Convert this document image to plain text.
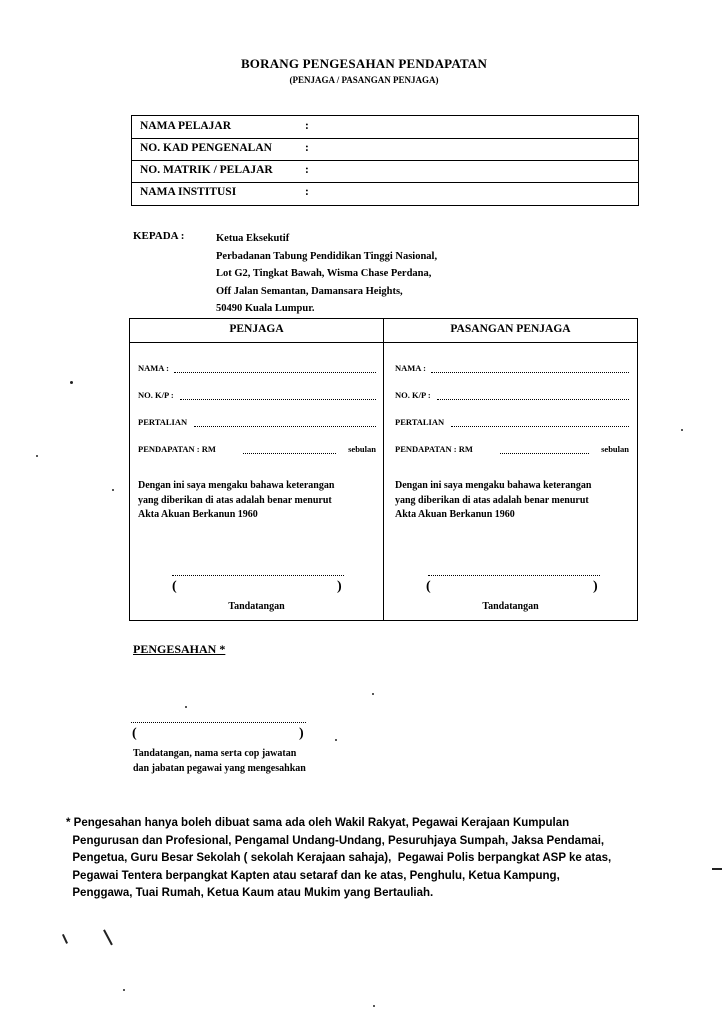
BORANG PENGESAHAN PENDAPATAN
(PENJAGA / PASANGAN PENJAGA)
NAMA PELAJAR	:
NO. KAD PENGENALAN	:
NO. MATRIK / PELAJAR	:
NAMA INSTITUSI	:
KEPADA :	Ketua Eksekutif
Perbadanan Tabung Pendidikan Tinggi Nasional,
Lot G2, Tingkat Bawah, Wisma Chase Perdana,
Off Jalan Semantan, Damansara Heights,
50490 Kuala Lumpur.
PENJAGA
NAMA :
NO. K/P :
PERTALIAN
PENDAPATAN : RM	sebulan
Dengan ini saya mengaku bahawa keterangan
yang diberikan di atas adalah benar menurut
Akta Akuan Berkanun 1960
(	)
Tandatangan
PASANGAN PENJAGA
NAMA :
NO. K/P :
PERTALIAN
PENDAPATAN : RM	sebulan
Dengan ini saya mengaku bahawa keterangan
yang diberikan di atas adalah benar menurut
Akta Akuan Berkanun 1960
(	)
Tandatangan
PENGESAHAN *
(	)
Tandatangan, nama serta cop jawatan
dan jabatan pegawai yang mengesahkan
* Pengesahan hanya boleh dibuat sama ada oleh Wakil Rakyat, Pegawai Kerajaan Kumpulan
Pengurusan dan Profesional, Pengamal Undang-Undang, Pesuruhjaya Sumpah, Jaksa Pendamai,
Pengetua, Guru Besar Sekolah ( sekolah Kerajaan sahaja),  Pegawai Polis berpangkat ASP ke atas,
Pegawai Tentera berpangkat Kapten atau setaraf dan ke atas, Penghulu, Ketua Kampung,
Penggawa, Tuai Rumah, Ketua Kaum atau Mukim yang Bertauliah.
